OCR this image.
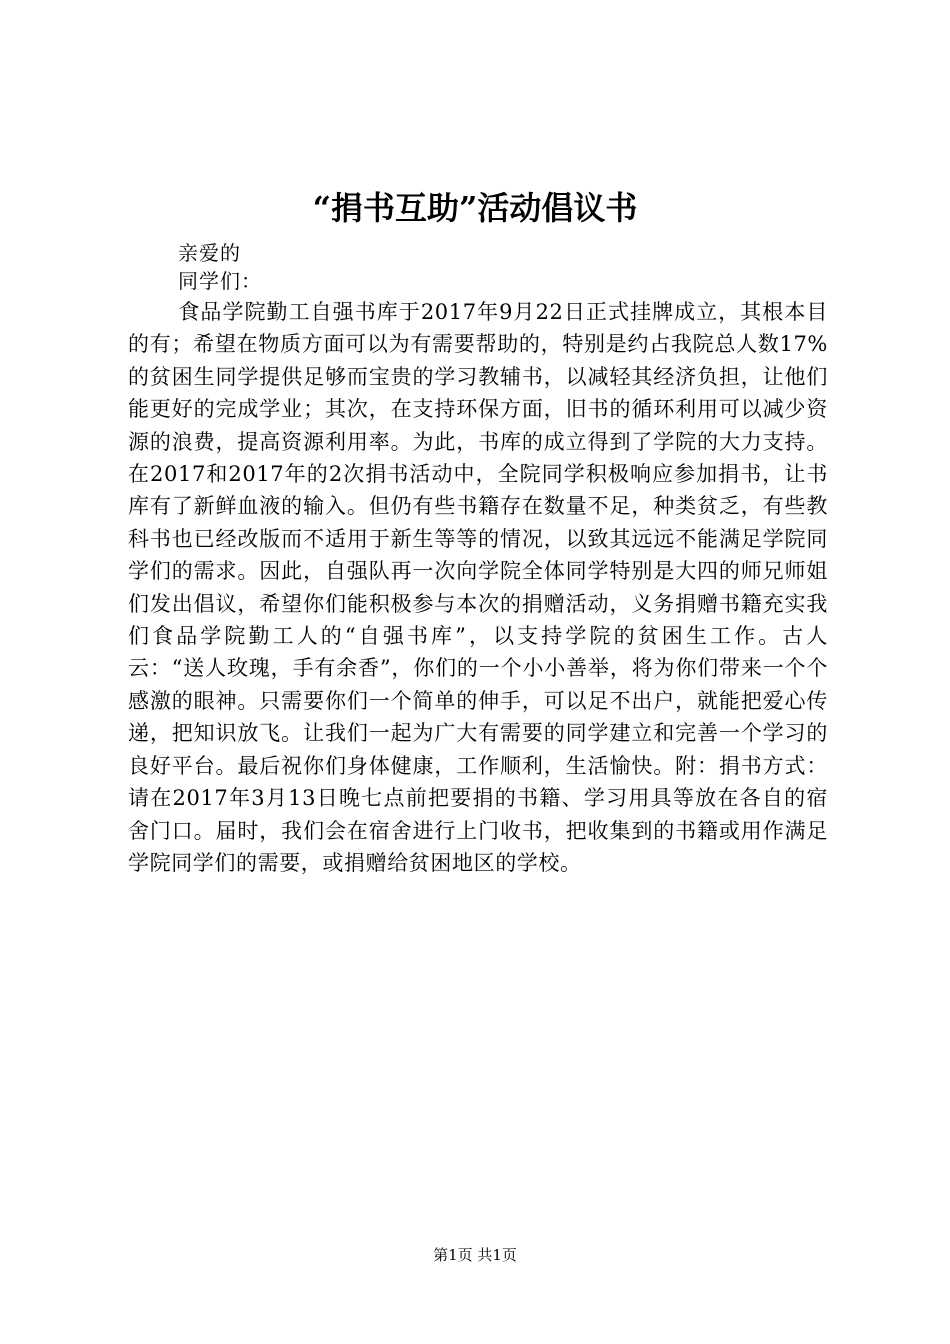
“捐书互助”活动倡议书
亲爱的
同学们：

食品学院勤工自强书库于2017年9月22日正式挂牌成立，其根本目的有；希望在物质方面可以为有需要帮助的，特别是约占我院总人数17%的贫困生同学提供足够而宝贵的学习教辅书，以减轻其经济负担，让他们能更好的完成学业；其次，在支持环保方面，旧书的循环利用可以减少资源的浪费，提高资源利用率。为此，书库的成立得到了学院的大力支持。在2017和2017年的2次捐书活动中，全院同学积极响应参加捐书，让书库有了新鲜血液的输入。但仍有些书籍存在数量不足，种类贫乏，有些教科书也已经改版而不适用于新生等等的情况，以致其远远不能满足学院同学们的需求。因此，自强队再一次向学院全体同学特别是大四的师兄师姐们发出倡议，希望你们能积极参与本次的捐赠活动，义务捐赠书籍充实我们食品学院勤工人的“自强书库”，以支持学院的贫困生工作。古人云：“送人玫瑰，手有余香”，你们的一个小小善举，将为你们带来一个个感激的眼神。只需要你们一个简单的伸手，可以足不出户，就能把爱心传递，把知识放飞。让我们一起为广大有需要的同学建立和完善一个学习的良好平台。最后祝你们身体健康，工作顺利，生活愉快。附：捐书方式：请在2017年3月13日晚七点前把要捐的书籍、学习用具等放在各自的宿舍门口。届时，我们会在宿舍进行上门收书，把收集到的书籍或用作满足学院同学们的需要，或捐赠给贫困地区的学校。

第1页 共1页
